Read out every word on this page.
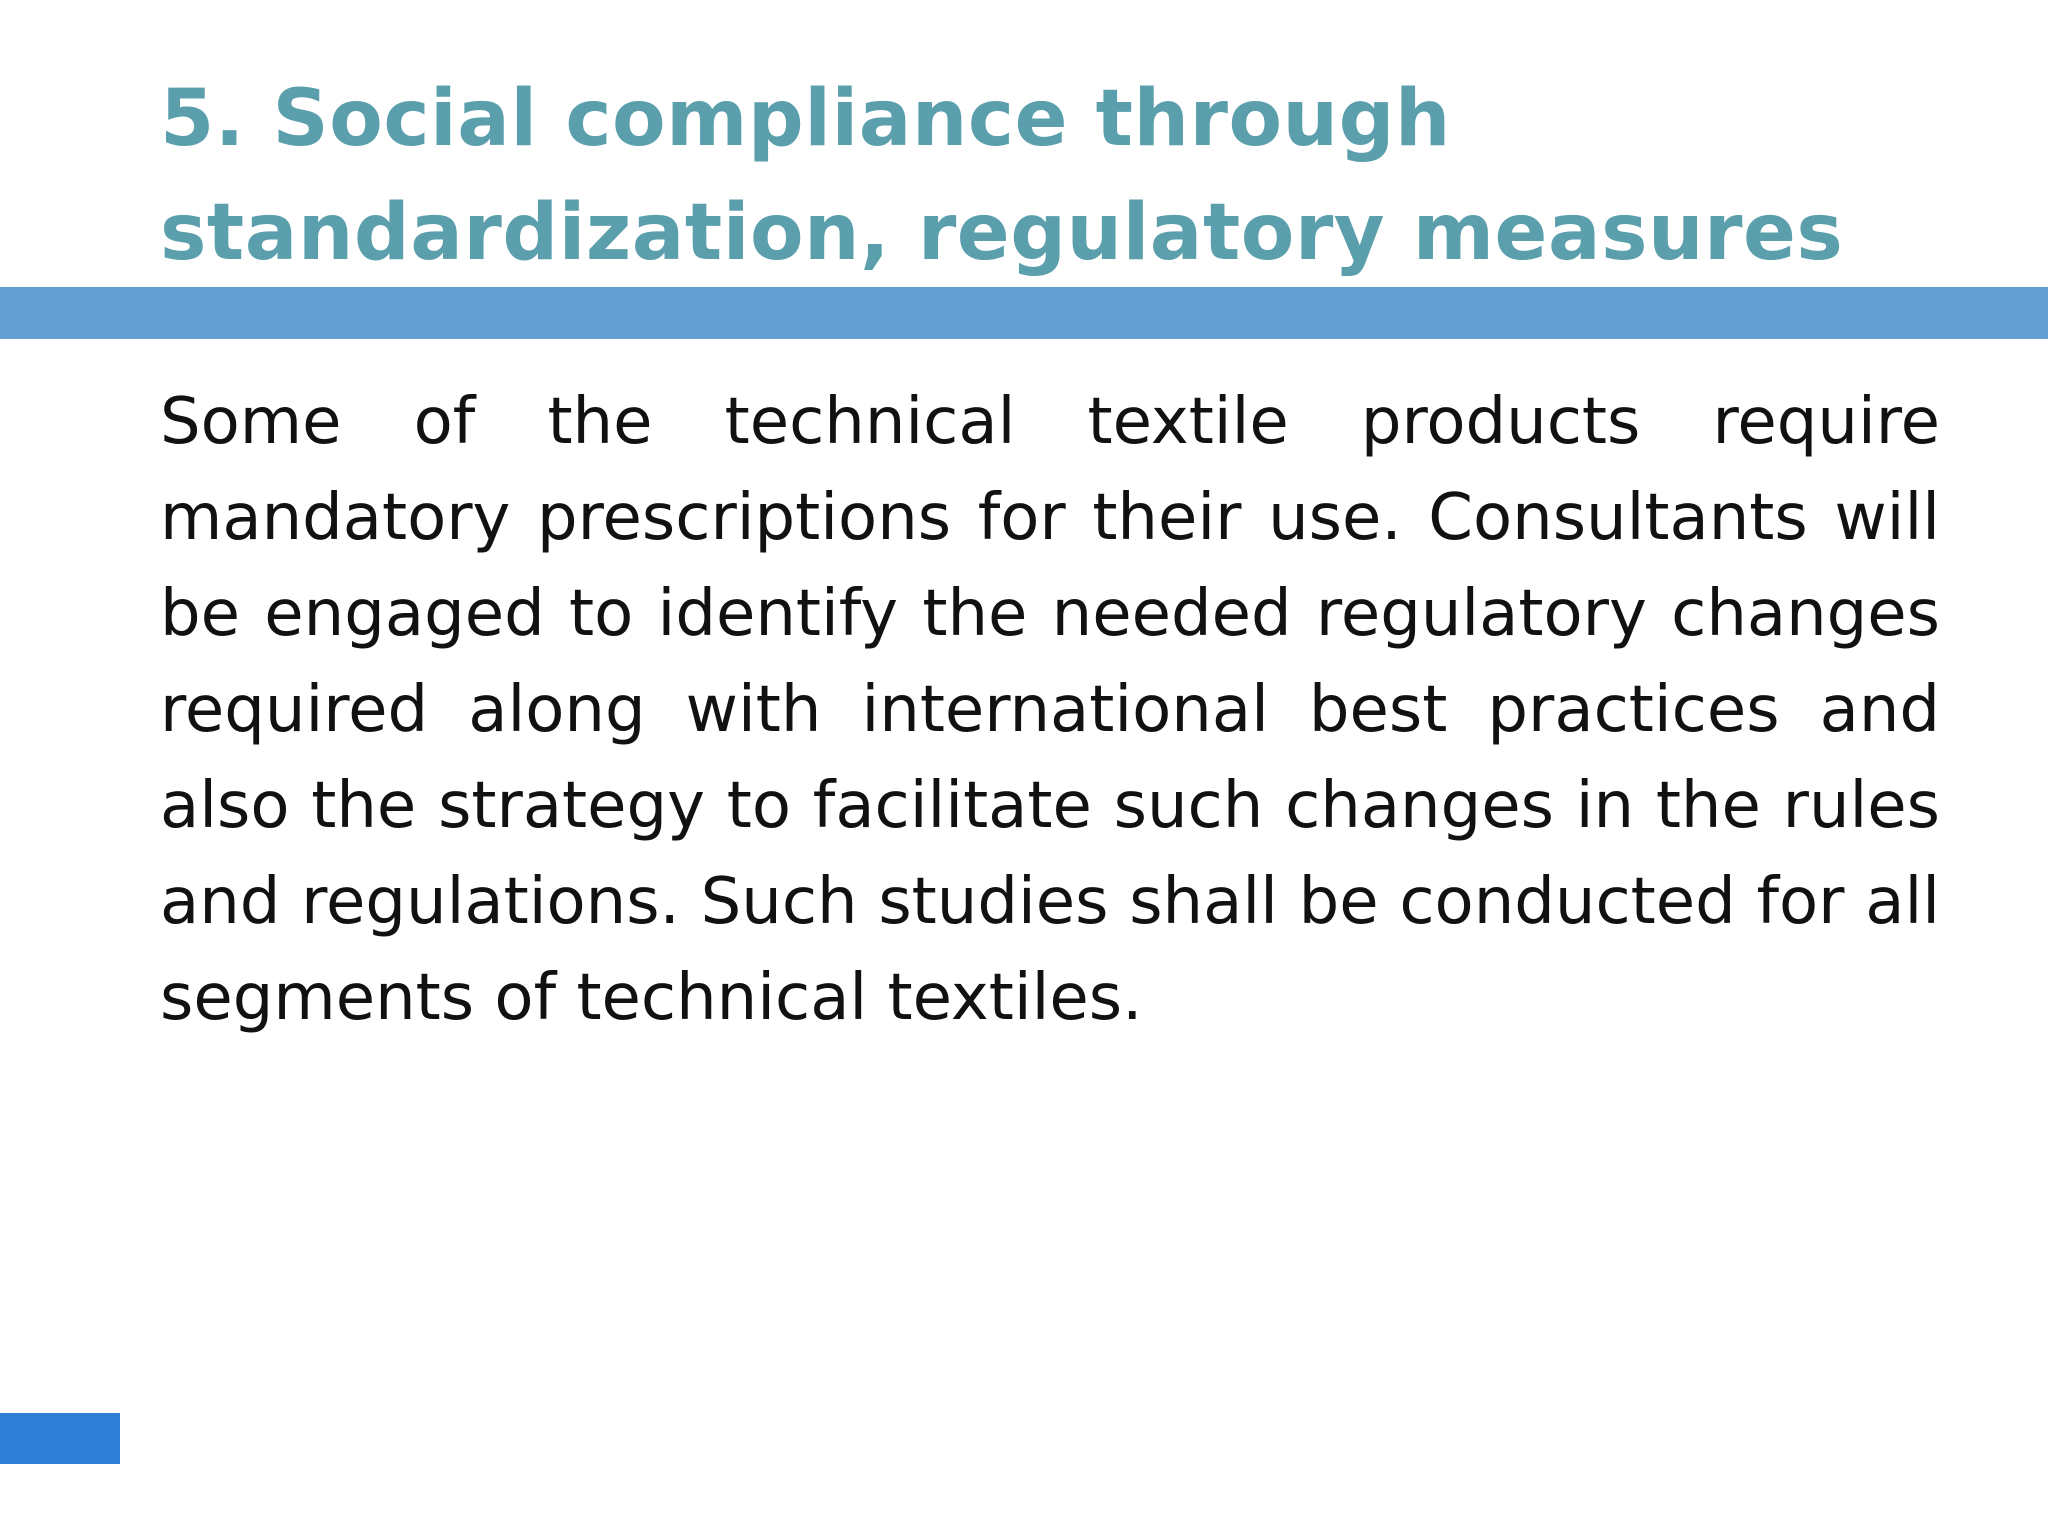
5. Social compliance through standardization, regulatory measures

Some of the technical textile products require mandatory prescriptions for their use. Consultants will be engaged to identify the needed regulatory changes required along with international best practices and also the strategy to facilitate such changes in the rules and regulations. Such studies shall be conducted for all segments of technical textiles.
